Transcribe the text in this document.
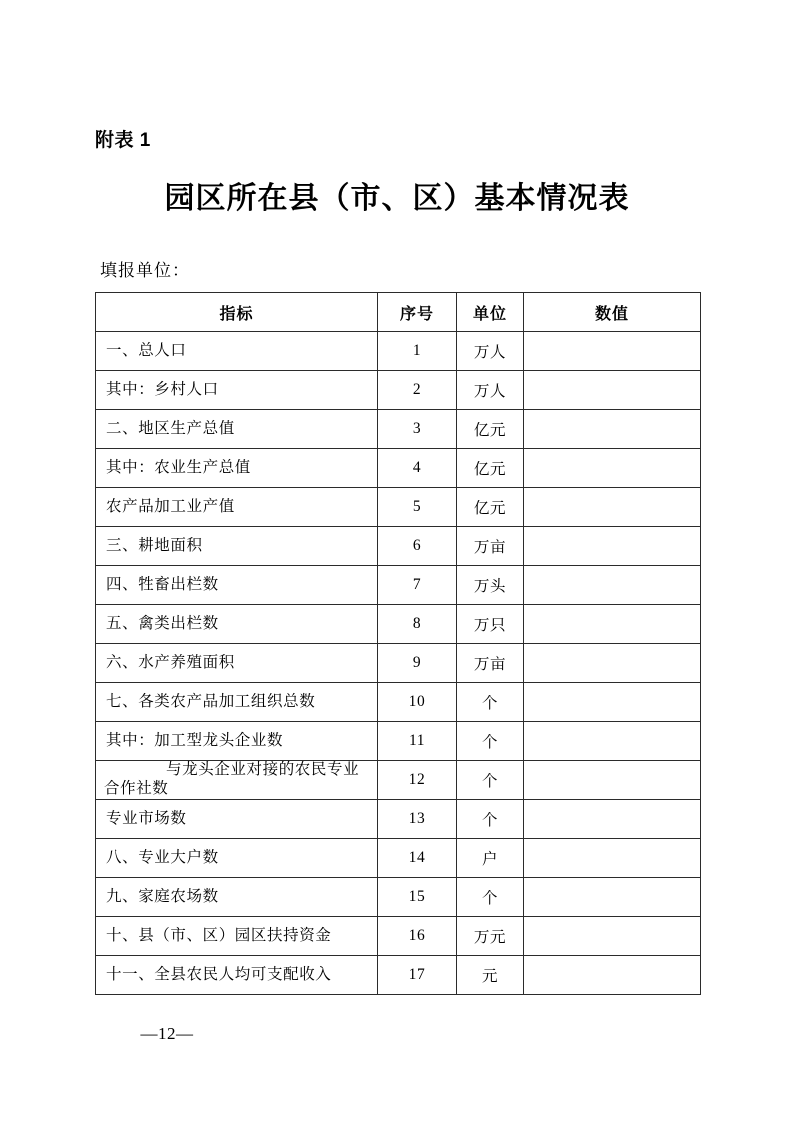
附表 1
园区所在县（市、区）基本情况表
填报单位：
指标	序号	单位	数值
一、总人口	1	万人	
其中：乡村人口	2	万人	
二、地区生产总值	3	亿元	
其中：农业生产总值	4	亿元	
农产品加工业产值	5	亿元	
三、耕地面积	6	万亩	
四、牲畜出栏数	7	万头	
五、禽类出栏数	8	万只	
六、水产养殖面积	9	万亩	
七、各类农产品加工组织总数	10	个	
其中：加工型龙头企业数	11	个	

与龙头企业对接的农民专业
合作社数	12	个	
专业市场数	13	个	
八、专业大户数	14	户	
九、家庭农场数	15	个	
十、县（市、区）园区扶持资金	16	万元	
十一、全县农民人均可支配收入	17	元	
—12—
